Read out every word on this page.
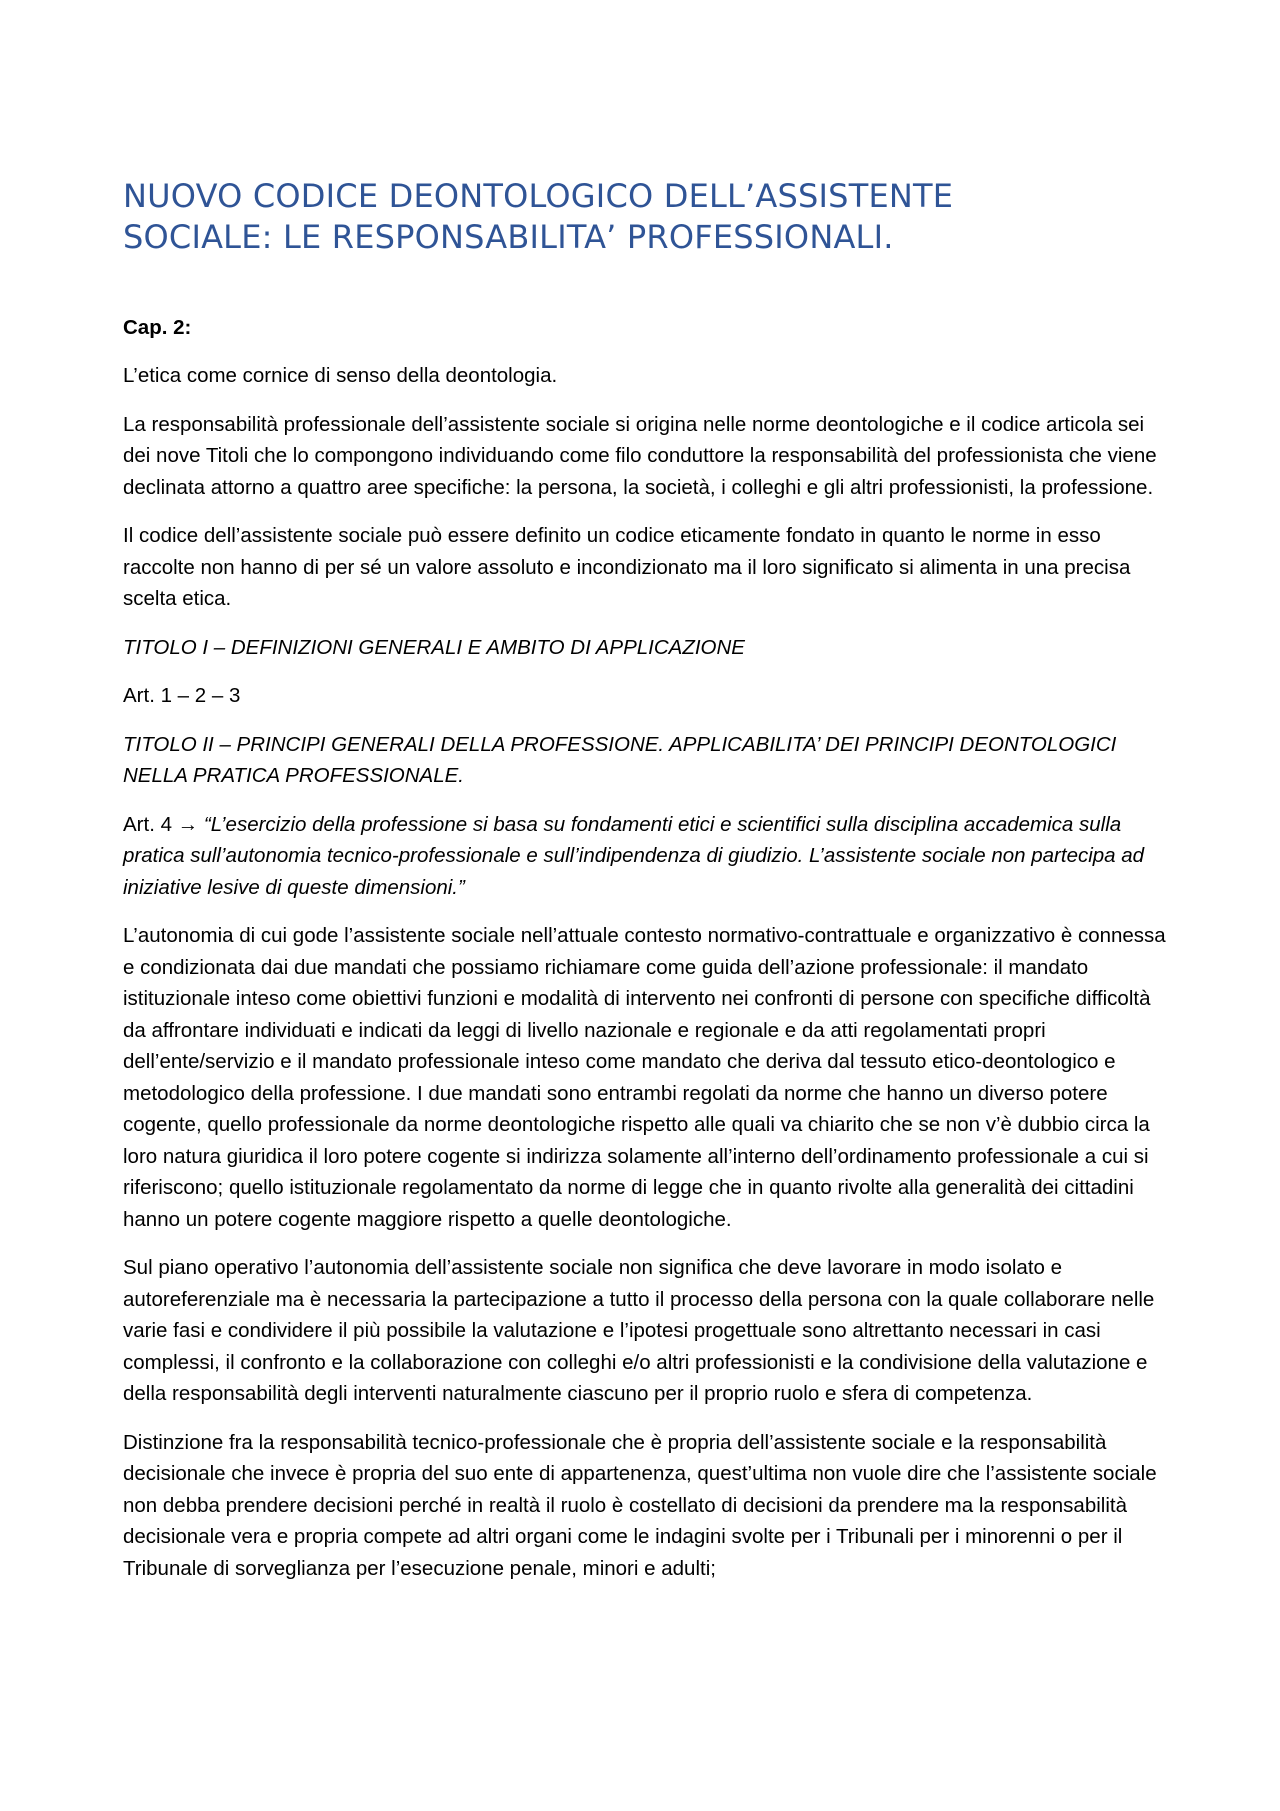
NUOVO CODICE DEONTOLOGICO DELL’ASSISTENTE
SOCIALE: LE RESPONSABILITA’ PROFESSIONALI.

Cap. 2:

L’etica come cornice di senso della deontologia.

La responsabilità professionale dell’assistente sociale si origina nelle norme deontologiche e il codice articola sei dei nove Titoli che lo compongono individuando come filo conduttore la responsabilità del professionista che viene declinata attorno a quattro aree specifiche: la persona, la società, i colleghi e gli altri professionisti, la professione.

Il codice dell’assistente sociale può essere definito un codice eticamente fondato in quanto le norme in esso raccolte non hanno di per sé un valore assoluto e incondizionato ma il loro significato si alimenta in una precisa scelta etica.

TITOLO I – DEFINIZIONI GENERALI E AMBITO DI APPLICAZIONE

Art. 1 – 2 – 3

TITOLO II – PRINCIPI GENERALI DELLA PROFESSIONE. APPLICABILITA’ DEI PRINCIPI DEONTOLOGICI NELLA PRATICA PROFESSIONALE.

Art. 4 → “L’esercizio della professione si basa su fondamenti etici e scientifici sulla disciplina accademica sulla pratica sull’autonomia tecnico-professionale e sull’indipendenza di giudizio. L’assistente sociale non partecipa ad iniziative lesive di queste dimensioni.”

L’autonomia di cui gode l’assistente sociale nell’attuale contesto normativo-contrattuale e organizzativo è connessa e condizionata dai due mandati che possiamo richiamare come guida dell’azione professionale: il mandato istituzionale inteso come obiettivi funzioni e modalità di intervento nei confronti di persone con specifiche difficoltà da affrontare individuati e indicati da leggi di livello nazionale e regionale e da atti regolamentati propri dell’ente/servizio e il mandato professionale inteso come mandato che deriva dal tessuto etico-deontologico e metodologico della professione. I due mandati sono entrambi regolati da norme che hanno un diverso potere cogente, quello professionale da norme deontologiche rispetto alle quali va chiarito che se non v’è dubbio circa la loro natura giuridica il loro potere cogente si indirizza solamente all’interno dell’ordinamento professionale a cui si riferiscono; quello istituzionale regolamentato da norme di legge che in quanto rivolte alla generalità dei cittadini hanno un potere cogente maggiore rispetto a quelle deontologiche.

Sul piano operativo l’autonomia dell’assistente sociale non significa che deve lavorare in modo isolato e autoreferenziale ma è necessaria la partecipazione a tutto il processo della persona con la quale collaborare nelle varie fasi e condividere il più possibile la valutazione e l’ipotesi progettuale sono altrettanto necessari in casi complessi, il confronto e la collaborazione con colleghi e/o altri professionisti e la condivisione della valutazione e della responsabilità degli interventi naturalmente ciascuno per il proprio ruolo e sfera di competenza.

Distinzione fra la responsabilità tecnico-professionale che è propria dell’assistente sociale e la responsabilità decisionale che invece è propria del suo ente di appartenenza, quest’ultima non vuole dire che l’assistente sociale non debba prendere decisioni perché in realtà il ruolo è costellato di decisioni da prendere ma la responsabilità decisionale vera e propria compete ad altri organi come le indagini svolte per i Tribunali per i minorenni o per il Tribunale di sorveglianza per l’esecuzione penale, minori e adulti;
